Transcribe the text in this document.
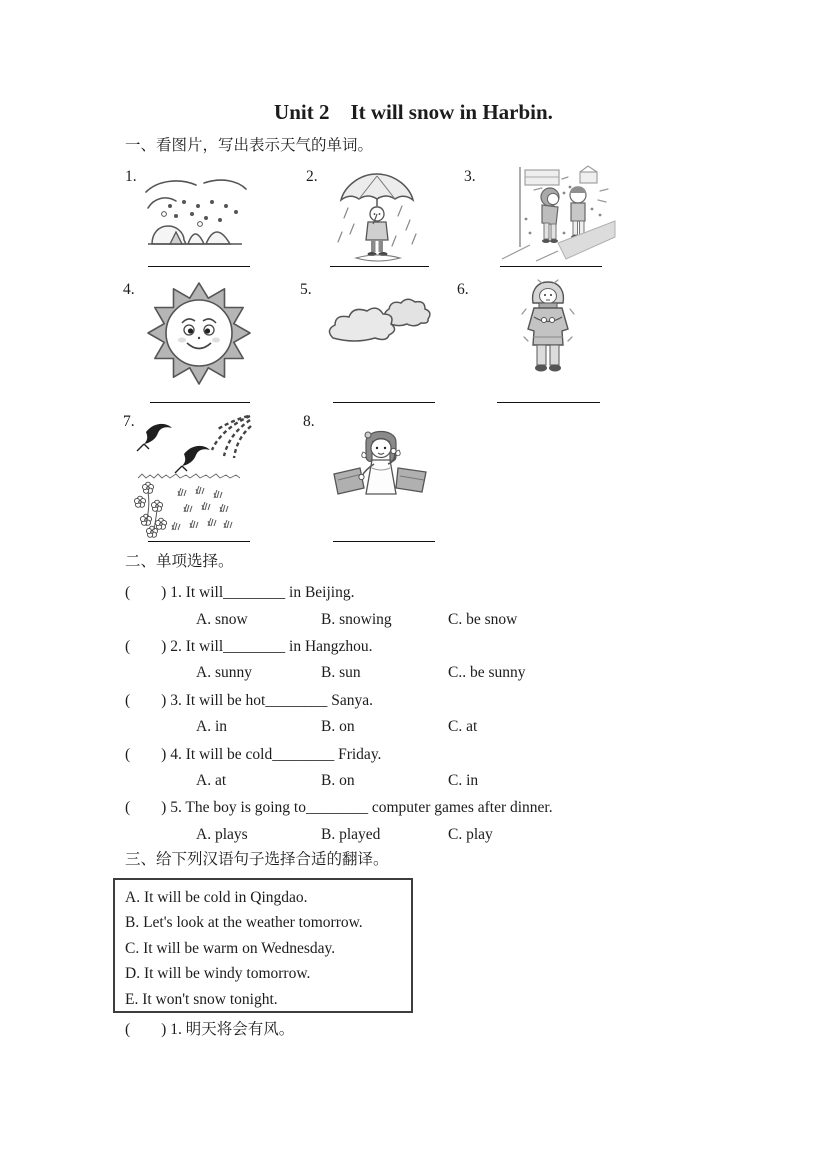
Unit 2    It will snow in Harbin.
一、看图片，写出表示天气的单词。
1.	2.	3.
4.	5.	6.
7.	8.
二、单项选择。
(        ) 1. It will________ in Beijing.
A. snow	B. snowing	C. be snow
(        ) 2. It will________ in Hangzhou.
A. sunny	B. sun	C.. be sunny
(        ) 3. It will be hot________ Sanya.
A. in	B. on	C. at
(        ) 4. It will be cold________ Friday.
A. at	B. on	C. in
(        ) 5. The boy is going to________ computer games after dinner.
A. plays	B. played	C. play
三、给下列汉语句子选择合适的翻译。

A. It will be cold in Qingdao.

B. Let's look at the weather tomorrow.

C. It will be warm on Wednesday.

D. It will be windy tomorrow.

E. It won't snow tonight.

(        ) 1. 明天将会有风。
